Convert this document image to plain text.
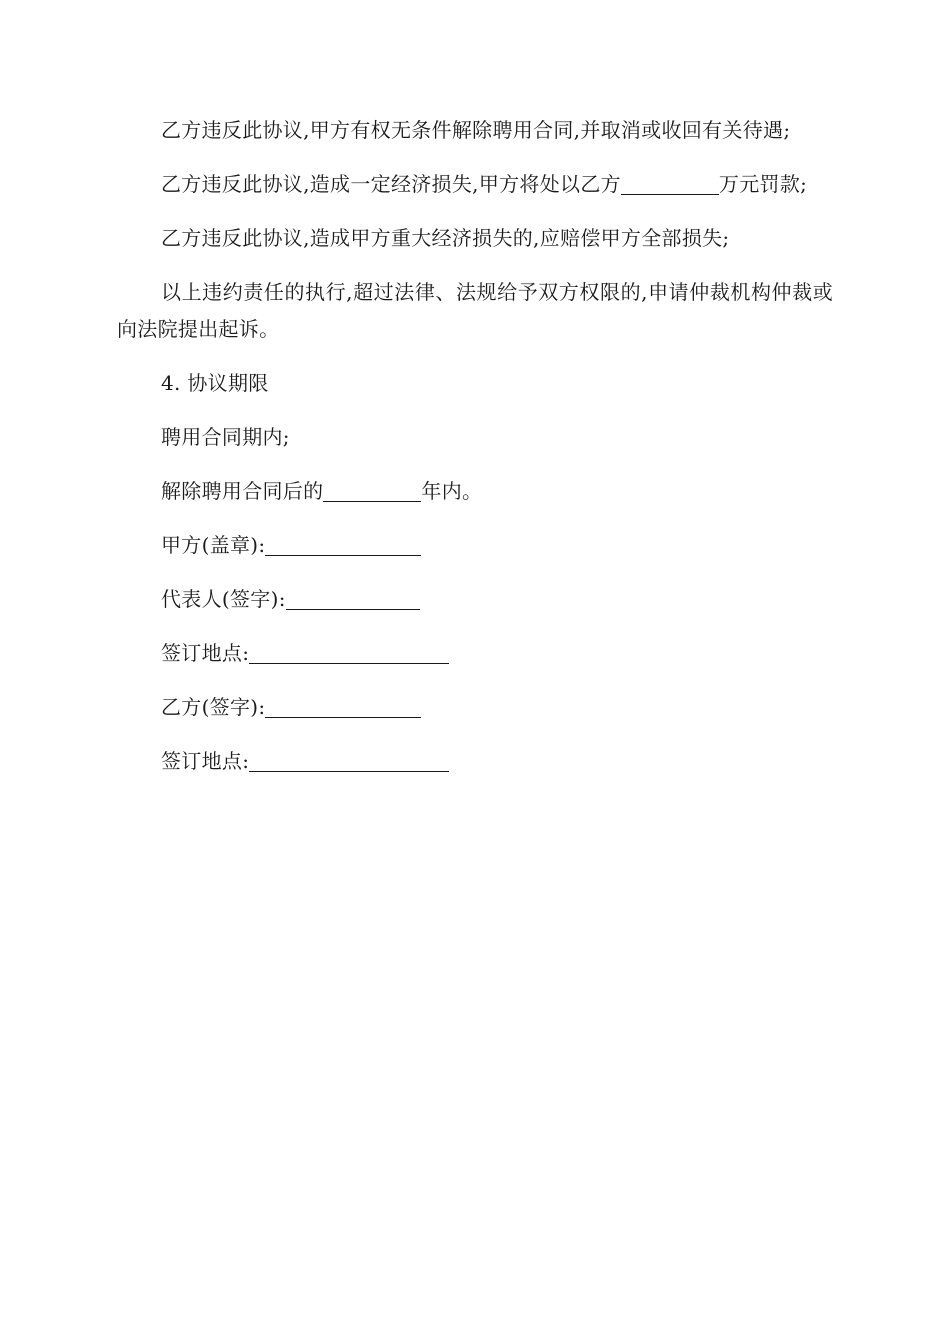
乙方违反此协议,甲方有权无条件解除聘用合同,并取消或收回有关待遇;

乙方违反此协议,造成一定经济损失,甲方将处以乙方	万元罚款;

乙方违反此协议,造成甲方重大经济损失的,应赔偿甲方全部损失;

以上违约责任的执行,超过法律、法规给予双方权限的,申请仲裁机构仲裁或向法院提出起诉。

4. 协议期限
聘用合同期内;
解除聘用合同后的	年内。
甲方(盖章):
代表人(签字):
签订地点:
乙方(签字):
签订地点:
